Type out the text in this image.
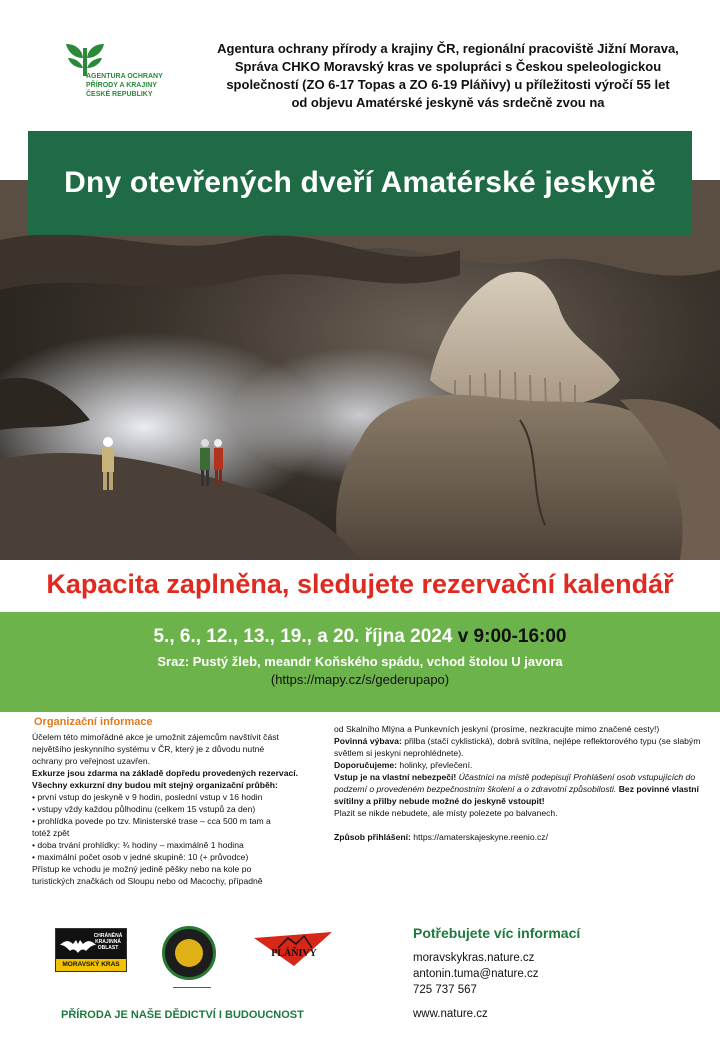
AGENTURA OCHRANY PŘÍRODY A KRAJINY ČESKÉ REPUBLIKY
Agentura ochrany přírody a krajiny ČR, regionální pracoviště Jižní Morava,
Správa CHKO Moravský kras ve spolupráci s Českou speleologickou
společností (ZO 6-17 Topas a ZO 6-19 Pláňivy) u příležitosti výročí 55 let
od objevu Amatérské jeskyně vás srdečně zvou na
Dny otevřených dveří Amatérské jeskyně
Kapacita zaplněna, sledujete rezervační kalendář
5., 6., 12., 13., 19., a 20. října 2024 v 9:00-16:00
Sraz: Pustý žleb, meandr Koňského spádu, vchod štolou U javora
(https://mapy.cz/s/gederupapo)
Organizační informace

Účelem této mimořádné akce je umožnit zájemcům navštívit část

největšího jeskynního systému v ČR, který je z důvodu nutné

ochrany pro veřejnost uzavřen.

Exkurze jsou zdarma na základě dopředu provedených rezervací.

Všechny exkurzní dny budou mít stejný organizační průběh:

• první vstup do jeskyně v 9 hodin, poslední vstup v 16 hodin

• vstupy vždy každou půlhodinu (celkem 15 vstupů za den)

• prohlídka povede po tzv. Ministerské trase – cca 500 m tam a

totéž zpět

• doba trvání prohlídky: ¾ hodiny – maximálně 1 hodina

• maximální počet osob v jedné skupině: 10 (+ průvodce)

Přístup ke vchodu je možný jedině pěšky nebo na kole po

turistických značkách od Sloupu nebo od Macochy, případně

od Skalního Mlýna a Punkevních jeskyní (prosíme, nezkracujte mimo značené cesty!)

Povinná výbava: přilba (stačí cyklistická), dobrá svítilna, nejlépe reflektorového typu (se slabým světlem si jeskyni neprohlédnete).

Doporučujeme: holinky, převlečení.

Vstup je na vlastní nebezpečí! Účastníci na místě podepisují Prohlášení osob vstupujících do podzemí o provedeném bezpečnostním školení a o zdravotní způsobilosti. Bez povinné vlastní svítilny a přilby nebude možné do jeskyně vstoupit!

Plazit se nikde nebudete, ale místy polezete po balvanech.

Způsob přihlášení: https://amaterskajeskyne.reenio.cz/

CHRÁNĚNÁ KRAJINNÁ OBLAST
MORAVSKÝ KRAS
PLÁŇIVY
PŘÍRODA JE NAŠE DĚDICTVÍ I BUDOUCNOST
Potřebujete víc informací
moravskykras.nature.cz
antonin.tuma@nature.cz
725 737 567
www.nature.cz
